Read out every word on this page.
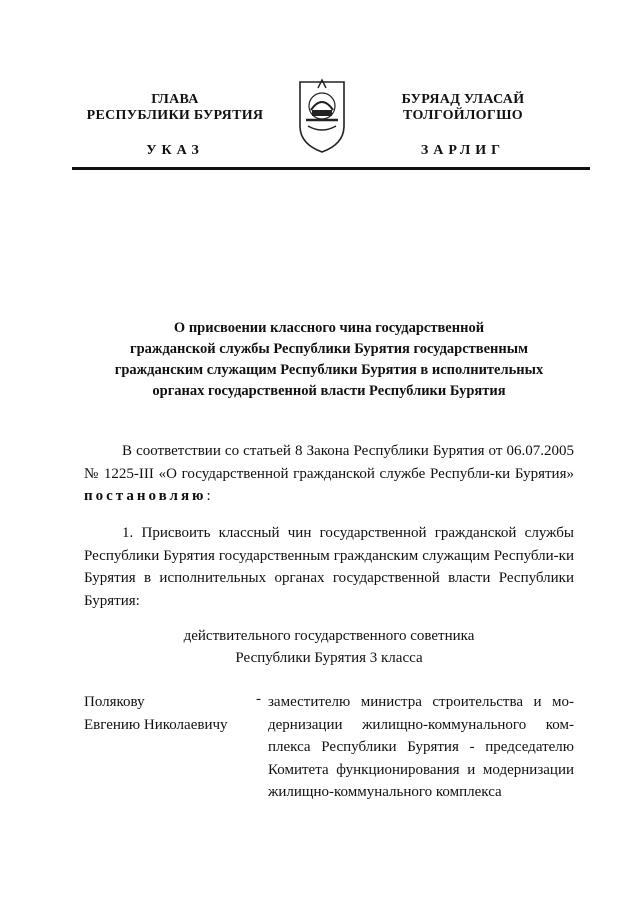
ГЛАВА
РЕСПУБЛИКИ БУРЯТИЯ
БУРЯАД УЛАСАЙ
ТОЛГОЙЛОГШО
УКАЗ	ЗАРЛИГ
О присвоении классного чина государственной
гражданской службы Республики Бурятия государственным
гражданским служащим Республики Бурятия в исполнительных
органах государственной власти Республики Бурятия
В соответствии со статьей 8 Закона Республики Бурятия от 06.07.2005 № 1225-III «О государственной гражданской службе Республи-ки Бурятия» постановляю:
1. Присвоить классный чин государственной гражданской службы Республики Бурятия государственным гражданским служащим Республи-ки Бурятия в исполнительных органах государственной власти Республики Бурятия:
действительного государственного советника
Республики Бурятия 3 класса
Полякову
Евгению Николаевичу
- заместителю министра строительства и мо-дернизации жилищно-коммунального ком-плекса Республики Бурятия - председателю Комитета функционирования и модернизации жилищно-коммунального комплекса
